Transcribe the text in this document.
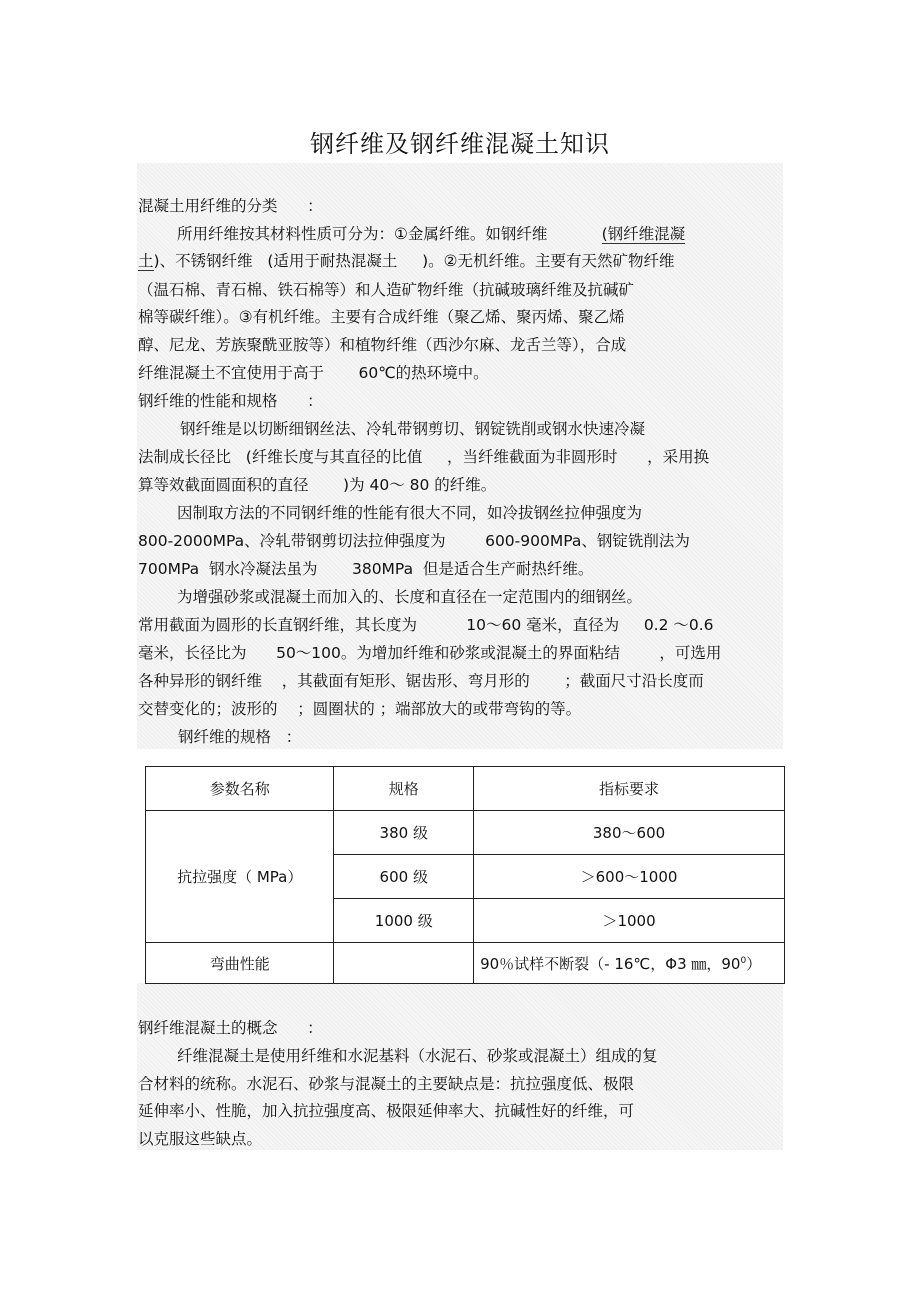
钢纤维及钢纤维混凝土知识
混凝土用纤维的分类 ：
所用纤维按其材料性质可分为：①金属纤维。如钢纤维	(钢纤维混凝
土)、不锈钢纤维 (适用于耐热混凝土 )。②无机纤维。主要有天然矿物纤维
（温石棉、青石棉、铁石棉等）和人造矿物纤维（抗碱玻璃纤维及抗碱矿
棉等碳纤维）。③有机纤维。主要有合成纤维（聚乙烯、聚丙烯、聚乙烯
醇、尼龙、芳族聚酰亚胺等）和植物纤维（西沙尔麻、龙舌兰等），合成
纤维混凝土不宜使用于高于 60℃的热环境中。
钢纤维的性能和规格 ：
钢纤维是以切断细钢丝法、冷轧带钢剪切、钢锭铣削或钢水快速冷凝
法制成长径比 (纤维长度与其直径的比值 ，当纤维截面为非圆形时 ，采用换
算等效截面圆面积的直径 )为 40～ 80 的纤维。
因制取方法的不同钢纤维的性能有很大不同，如冷拔钢丝拉伸强度为
800-2000MPa、冷轧带钢剪切法拉伸强度为	600-900MPa、钢锭铣削法为
700MPa  钢水冷凝法虽为 380MPa  但是适合生产耐热纤维。
为增强砂浆或混凝土而加入的、长度和直径在一定范围内的细钢丝。
常用截面为圆形的长直钢纤维，其长度为	10～60 毫米，直径为 0.2 ～0.6
毫米，长径比为 50～100。为增加纤维和砂浆或混凝土的界面粘结	，可选用
各种异形的钢纤维 ，其截面有矩形、锯齿形、弯月形的 ；截面尺寸沿长度而
交替变化的；波形的 ；圆圈状的 ；端部放大的或带弯钩的等。
钢纤维的规格 ：
参数名称	规格	指标要求
抗拉强度（ MPa）	380 级	380～600
	600 级	＞600～1000
	1000 级	＞1000
弯曲性能		90％试样不断裂（- 16℃，Φ3 ㎜，$90^0$）
钢纤维混凝土的概念 ：
纤维混凝土是使用纤维和水泥基料（水泥石、砂浆或混凝土）组成的复
合材料的统称。水泥石、砂浆与混凝土的主要缺点是：抗拉强度低、极限
延伸率小、性脆，加入抗拉强度高、极限延伸率大、抗碱性好的纤维，可
以克服这些缺点。
